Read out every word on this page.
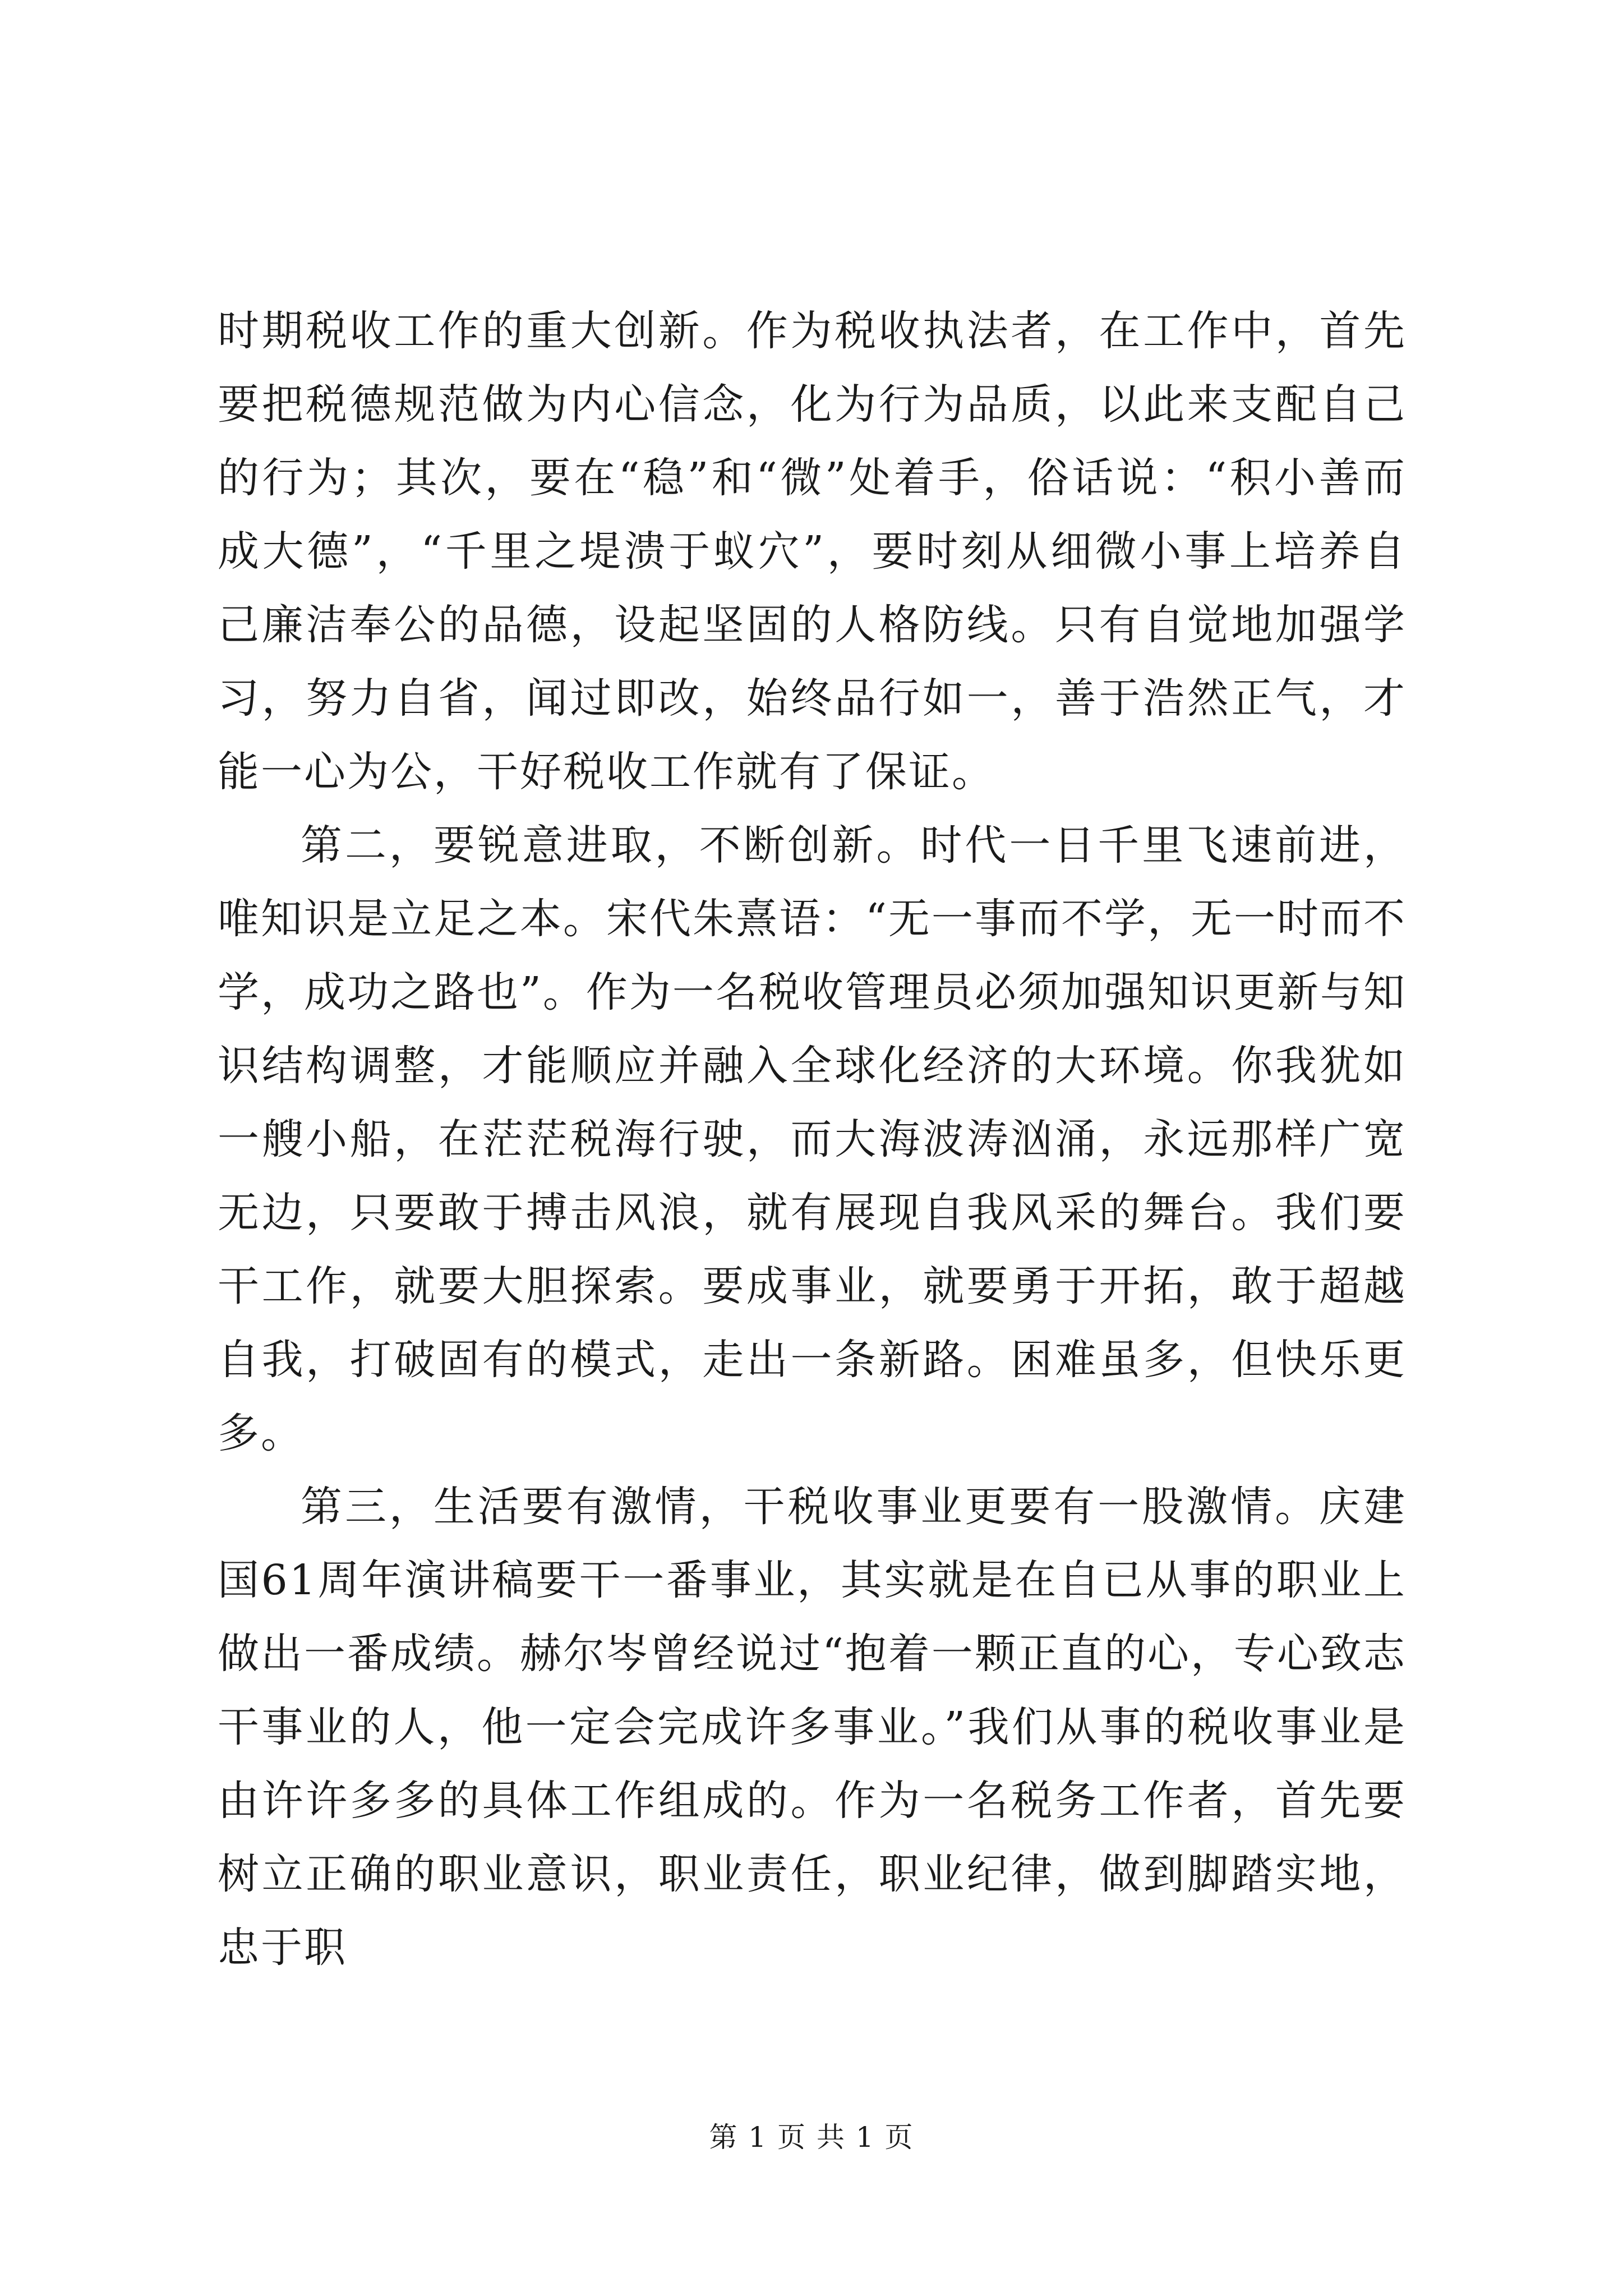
时期税收工作的重大创新。作为税收执法者，在工作中，首先要把税德规范做为内心信念，化为行为品质，以此来支配自己的行为；其次，要在“稳”和“微”处着手，俗话说：“积小善而成大德”，“千里之堤溃于蚁穴”，要时刻从细微小事上培养自己廉洁奉公的品德，设起坚固的人格防线。只有自觉地加强学习，努力自省，闻过即改，始终品行如一，善于浩然正气，才能一心为公，干好税收工作就有了保证。

第二，要锐意进取，不断创新。时代一日千里飞速前进，唯知识是立足之本。宋代朱熹语：“无一事而不学，无一时而不学，成功之路也”。作为一名税收管理员必须加强知识更新与知识结构调整，才能顺应并融入全球化经济的大环境。你我犹如一艘小船，在茫茫税海行驶，而大海波涛汹涌，永远那样广宽无边，只要敢于搏击风浪，就有展现自我风采的舞台。我们要干工作，就要大胆探索。要成事业，就要勇于开拓，敢于超越自我，打破固有的模式，走出一条新路。困难虽多，但快乐更多。

第三，生活要有激情，干税收事业更要有一股激情。庆建国61周年演讲稿要干一番事业，其实就是在自已从事的职业上做出一番成绩。赫尔岑曾经说过“抱着一颗正直的心，专心致志干事业的人，他一定会完成许多事业。”我们从事的税收事业是由许许多多的具体工作组成的。作为一名税务工作者，首先要树立正确的职业意识，职业责任，职业纪律，做到脚踏实地，忠于职

第 1 页 共 1 页
